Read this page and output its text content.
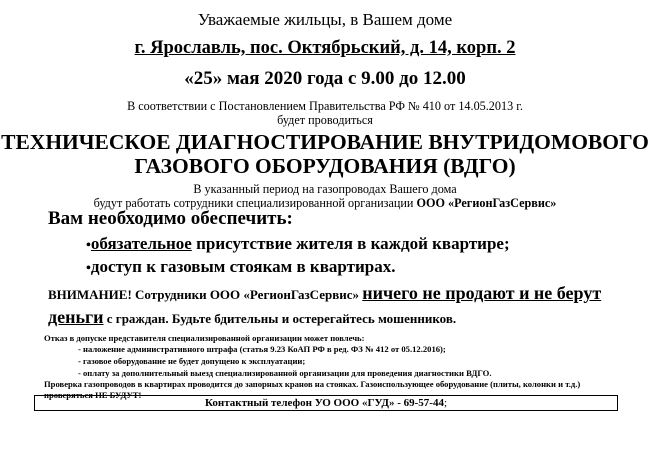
Уважаемые жильцы, в Вашем доме
г. Ярославль, пос. Октябрьский, д. 14, корп. 2
«25» мая 2020 года с 9.00 до 12.00
В соответствии с Постановлением Правительства РФ № 410 от 14.05.2013 г.
будет проводиться
ТЕХНИЧЕСКОЕ ДИАГНОСТИРОВАНИЕ ВНУТРИДОМОВОГО
ГАЗОВОГО ОБОРУДОВАНИЯ (ВДГО)
В указанный период на газопроводах Вашего дома
будут работать сотрудники специализированной организации ООО «РегионГазСервис»
Вам необходимо обеспечить:
•обязательное присутствие жителя в каждой квартире;
•доступ к газовым стоякам в квартирах.
ВНИМАНИЕ! Сотрудники ООО «РегионГазСервис» ничего не продают и не берут деньги с граждан. Будьте бдительны и остерегайтесь мошенников.
Отказ в допуске представителя специализированной организации может повлечь:
- наложение административного штрафа (статья 9.23 КоАП РФ в ред. ФЗ № 412 от 05.12.2016);
- газовое оборудование не будет допущено к эксплуатации;
- оплату за дополнительный выезд специализированной организации для проведения диагностики ВДГО.
Проверка газопроводов в квартирах проводится до запорных кранов на стояках. Газоиспользующее оборудование (плиты, колонки и т.д.) проверяться НЕ БУДУТ!
Контактный телефон УО ООО «ГУД» - 69-57-44;
